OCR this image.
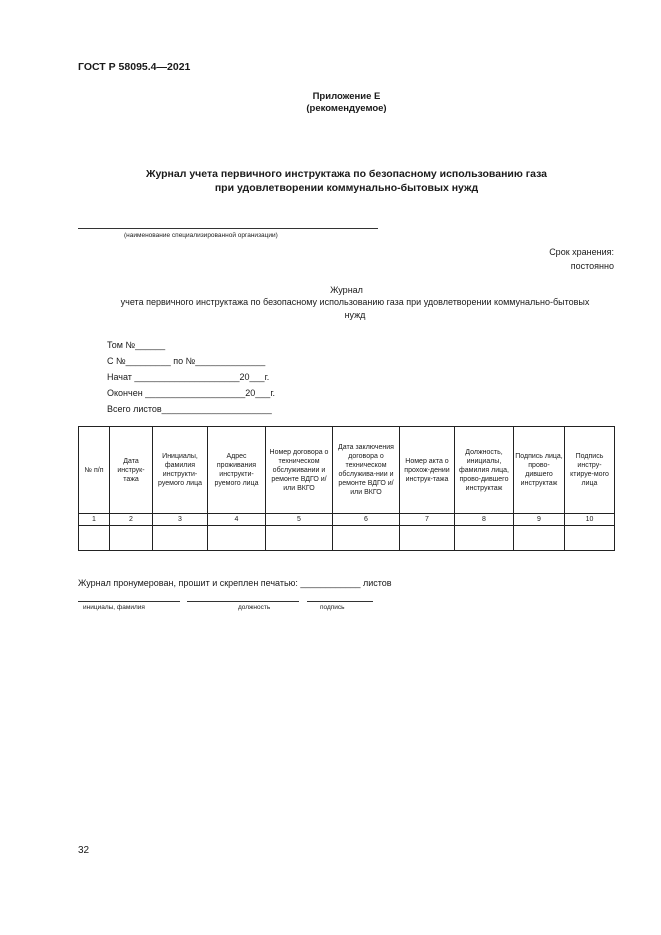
ГОСТ Р 58095.4—2021
Приложение Е
(рекомендуемое)
Журнал учета первичного инструктажа по безопасному использованию газа
при удовлетворении коммунально-бытовых нужд
(наименование специализированной организации)
Срок хранения:
постоянно
Журнал
учета первичного инструктажа по безопасному использованию газа при удовлетворении коммунально-бытовых нужд
Том №______
С №_________ по №______________
Начат _____________________20___г.
Окончен ____________________20___г.
Всего листов______________________
№ п/п	Дата инструк-тажа	Инициалы, фамилия инструкти-руемого лица	Адрес проживания инструкти-руемого лица	Номер договора о техническом обслуживании и ремонте ВДГО и/или ВКГО	Дата заключения договора о техническом обслужива-нии и ремонте ВДГО и/или ВКГО	Номер акта о прохож-дении инструк-тажа	Должность, инициалы, фамилия лица, прово-дившего инструктаж	Подпись лица, прово-дившего инструктаж	Подпись инстру-ктируе-мого лица
1	2	3	4	5	6	7	8	9	10

Журнал пронумерован, прошит и скреплен печатью: ____________ листов
инициалы, фамилия	должность	подпись
32
